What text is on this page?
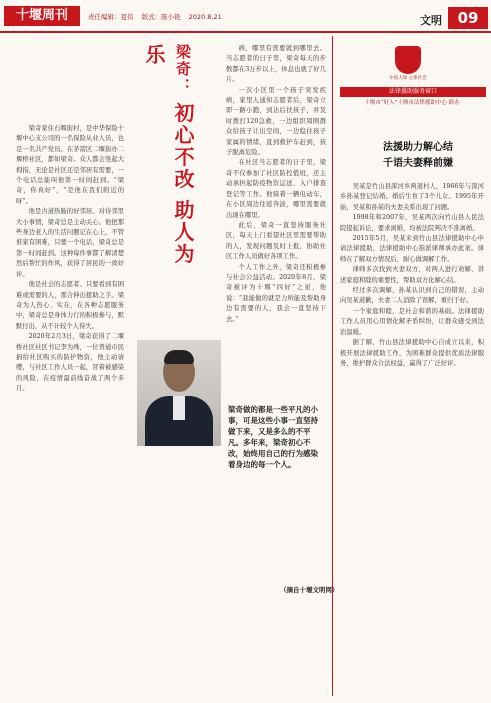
十堰周刊	责任编辑：夏伟 版式：陈小艳 2020.8.21	文明	09

梁奇家住石堰街村，是中华保险十堰中心支公司的一名保险从业人员，也是一名共产党员。在茅箭区二堰街办二堰桥社区，都知梁奇。众人都会竖起大拇指，无论是社区还是邻居有需要，一个电话总能叫他第一时间赶到。“梁奇，你真好”，“是他在我们附近的呀”。

他是古道热肠的好邻居。对待邻里大小事情，梁奇总是主动关心。他把那些身边老人的生活问题记在心上，不管谁家有困难，只要一个电话，梁奇总是第一时间赶到。这种每件事都了解清楚然后帮忙的作风，获得了居民的一致好评。

他是社会的志愿者。只要看到有困难或需要的人，那合伸出援助之手。梁奇为人热心、实在，在各种志愿服务中，梁奇总是身体力行的积极参与，默默付出，从不计较个人得失。

2020年2月3日，梁奇获得了二堰桥社区社区书记李为珠，一位普通市民捐给社区购买的防护物资，他主动请缨，与社区工作人员一起，冒着被感染的风险，在疫情最前线奋战了两个多月。

梁奇： 初心不改 助人为乐
梁奇做的都是一些平凡的小事，可是这些小事一直坚持做下来，又是多么的不平凡。多年来，梁奇初心不改，始终用自己的行为感染着身边的每一个人。

病，哪里有需要就到哪里去。当志愿者的日子里，梁奇每天的步数都在3万步以上，休息也就了好几片。

一次小区里一个孩子突发疾病，家里人通知志愿者后，梁奇立即一路小跑，到达后扶孩子，并及时拨打120急救，一边组织周围群众给孩子让出空间，一边稳住孩子家属的情绪，直到救护车赶到，孩子脱离危险。

在社区当志愿者的日子里，梁奇不仅参加了社区防控值班，还主动承担起防疫物资运送、入户排查登记等工作。他骑着一辆电动车，在小区周边往返奔波，哪里需要就出现在哪里。

此后，梁奇一直坚持服务社区，每天上门看望社区里需要帮助的人，发现问题及时上报，协助社区工作人员做好各项工作。

个人工作之外，梁奇还积极参与社会公益活动。2020年8月，梁奇被评为十堰“四好”之星，他说：“我能做的就是力所能及帮助身边有需要的人，我会一直坚持下去。”

（摘自十堰文明网）
中国人保 心系社会
法律援助服务窗口
十堰市“好人”十堰市法律援助中心 联办
法援助力解心结
千语夫妻释前嫌

吴某是竹山县深河乡两道村人，1966年与深河乡孙某登记结婚。婚后生育了3个儿女。1995年开始，吴某和孙某的夫妻关系出现了问题。

1998年和2007年，吴某两次向竹山县人民法院提起诉讼，要求离婚，均被法院判决不准离婚。

2015年5月，吴某来到竹山县法律援助中心申请法律援助，法律援助中心指派律师承办此案。律师在了解双方情况后，耐心做调解工作。

律师多次找到夫妻双方，对两人进行劝解，讲述家庭和睦的重要性，帮助双方化解心结。

经过多次调解，孙某认识到自己的错误，主动向吴某道歉，夫妻二人消除了误解，重归于好。

一个家庭和睦，是社会和谐的基础。法律援助工作人员用心用情化解矛盾纠纷，让群众感受到法治温暖。

据了解，竹山县法律援助中心自成立以来，积极开展法律援助工作，为困难群众提供优质法律服务，维护群众合法权益，赢得了广泛好评。
